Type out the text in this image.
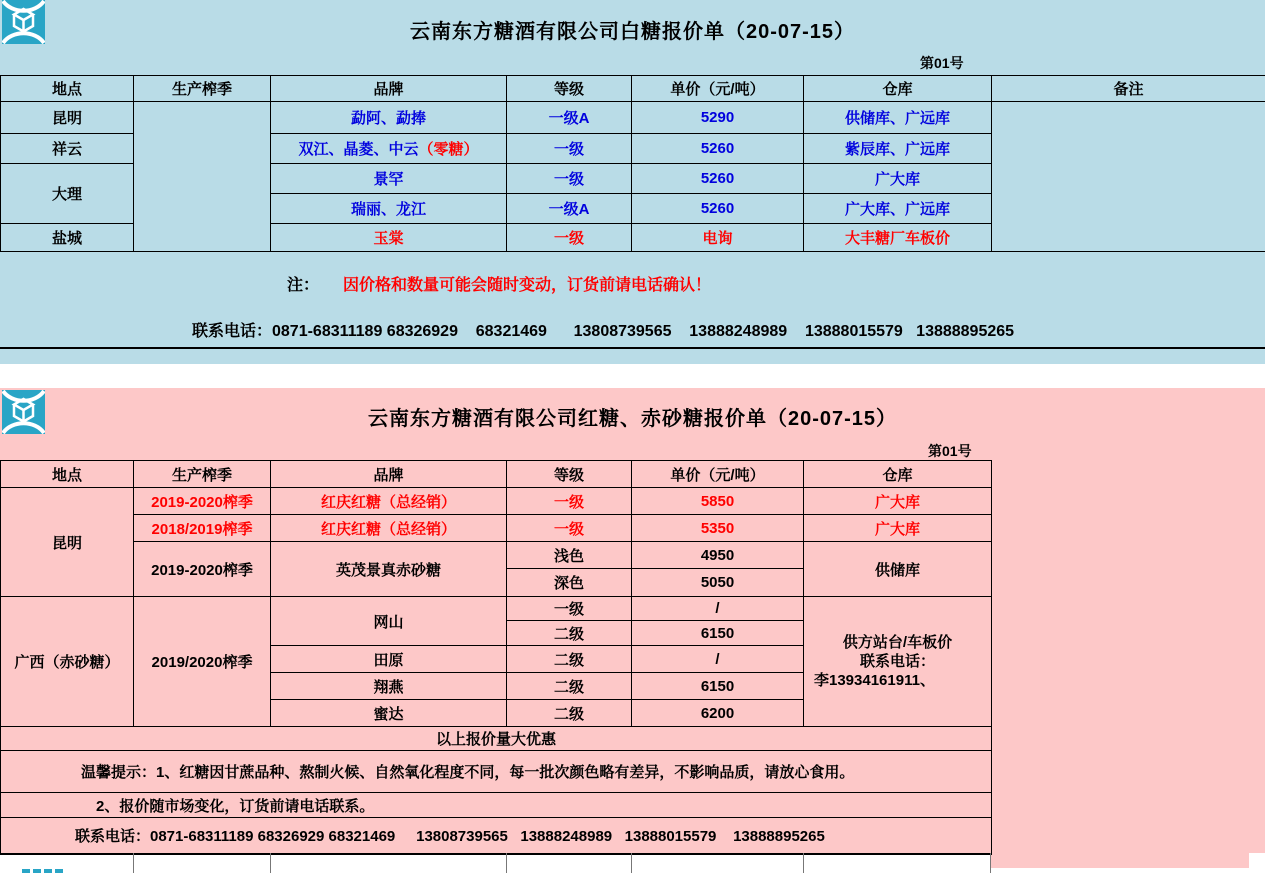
云南东方糖酒有限公司白糖报价单（20-07-15）
第01号
地点	生产榨季	品牌	等级	单价（元/吨）	仓库	备注
昆明		勐阿、勐捧	一级A	5290	供储库、广远库	
祥云		双江、晶菱、中云（零糖）	一级	5260	紫辰库、广远库	
大理		景罕	一级	5260	广大库	
		瑞丽、龙江	一级A	5260	广大库、广远库	
盐城		玉棠	一级	电询	大丰糖厂车板价	
注： 因价格和数量可能会随时变动，订货前请电话确认！
联系电话：0871-68311189 68326929    68321469      13808739565    13888248989    13888015579   13888895265
云南东方糖酒有限公司红糖、赤砂糖报价单（20-07-15）
第01号
地点	生产榨季	品牌	等级	单价（元/吨）	仓库
昆明	2019-2020榨季	红庆红糖（总经销）	一级	5850	广大库
	2018/2019榨季	红庆红糖（总经销）	一级	5350	广大库
	2019-2020榨季	英茂景真赤砂糖	浅色	4950	供储库
			深色	5050	
广西（赤砂糖）	2019/2020榨季	网山	一级	/	供方站台/车板价
联系电话：
李13934161911、

			二级	6150	
		田原	二级	/	
		翔燕	二级	6150	
		蜜达	二级	6200	
以上报价量大优惠					
温馨提示：1、红糖因甘蔗品种、熬制火候、自然氧化程度不同，每一批次颜色略有差异，不影响品质，请放心食用。					
2、报价随市场变化，订货前请电话联系。					
联系电话：0871-68311189 68326929 68321469     13808739565   13888248989   13888015579    13888895265					
